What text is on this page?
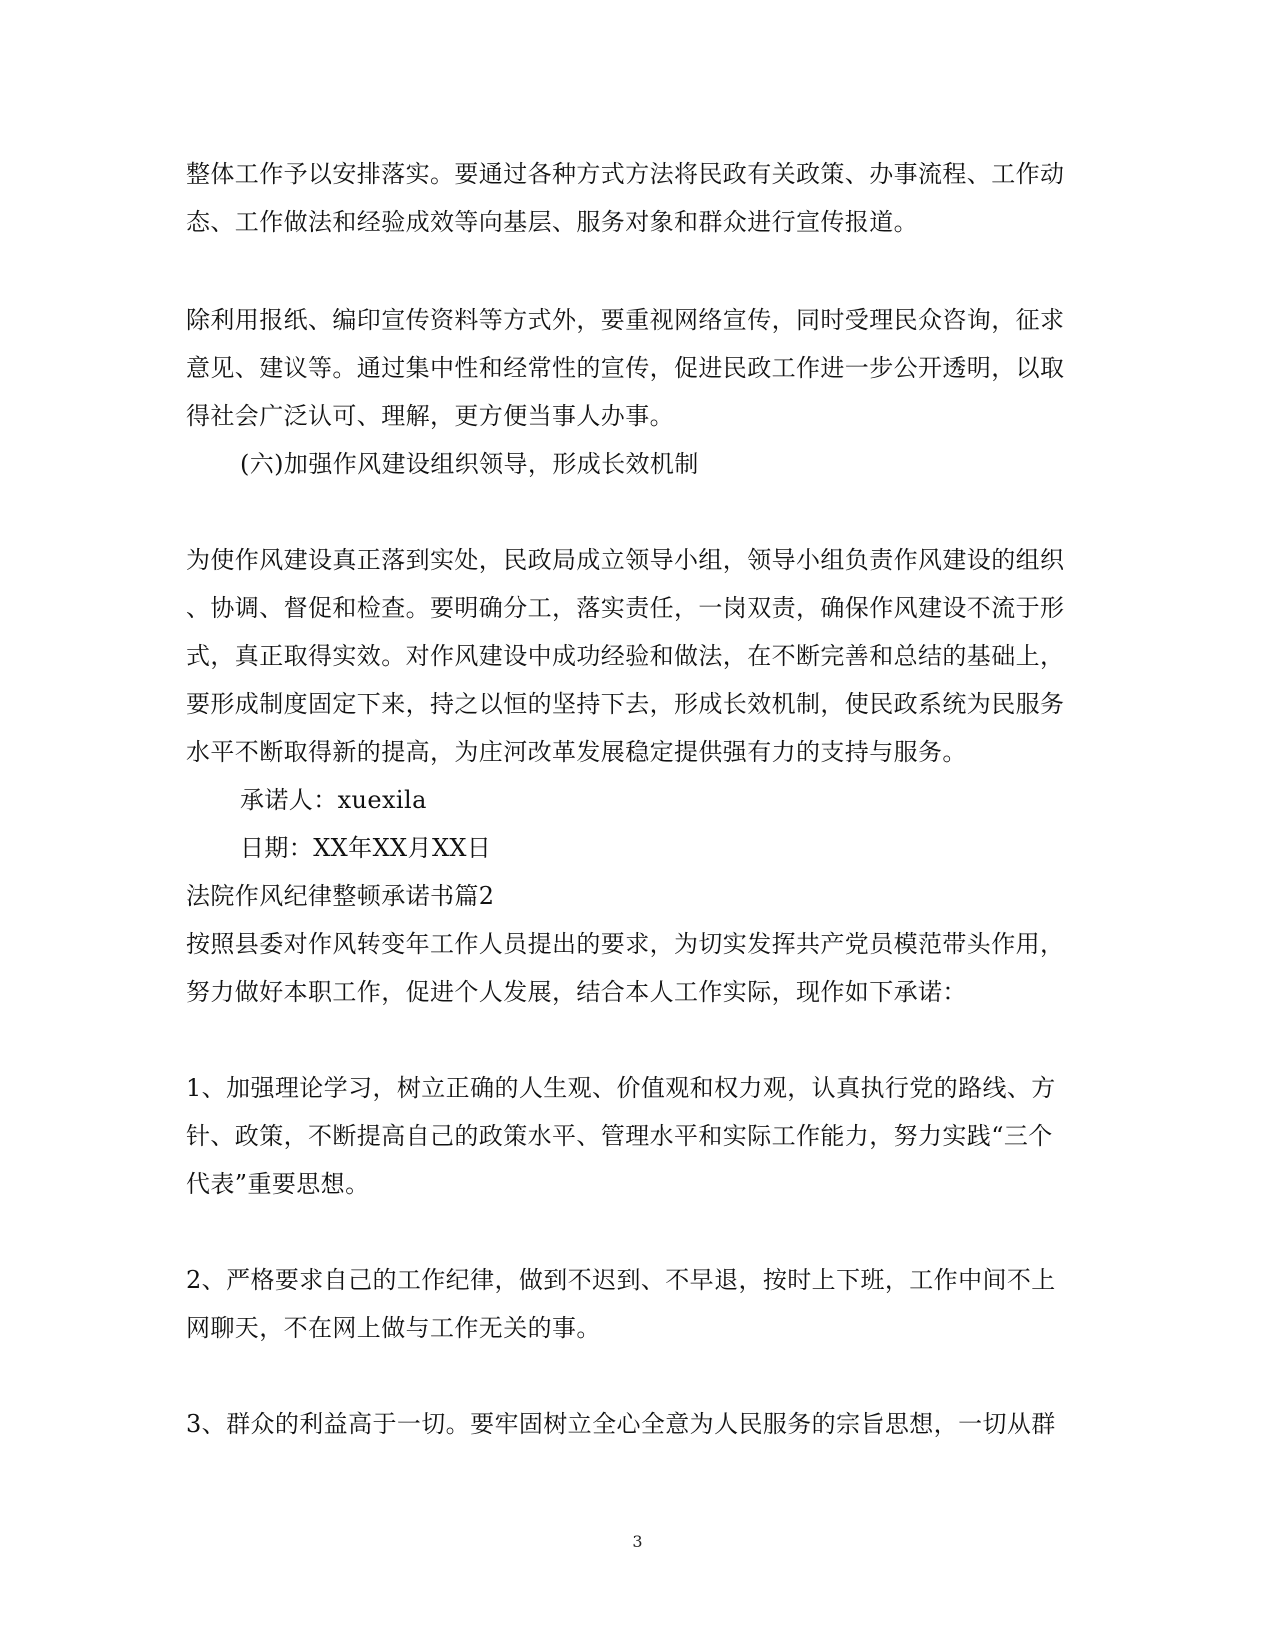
整体工作予以安排落实。要通过各种方式方法将民政有关政策、办事流程、工作动
态、工作做法和经验成效等向基层、服务对象和群众进行宣传报道。
除利用报纸、编印宣传资料等方式外，要重视网络宣传，同时受理民众咨询，征求
意见、建议等。通过集中性和经常性的宣传，促进民政工作进一步公开透明，以取
得社会广泛认可、理解，更方便当事人办事。
(六)加强作风建设组织领导，形成长效机制
为使作风建设真正落到实处，民政局成立领导小组，领导小组负责作风建设的组织
、协调、督促和检查。要明确分工，落实责任，一岗双责，确保作风建设不流于形
式，真正取得实效。对作风建设中成功经验和做法，在不断完善和总结的基础上，
要形成制度固定下来，持之以恒的坚持下去，形成长效机制，使民政系统为民服务
水平不断取得新的提高，为庄河改革发展稳定提供强有力的支持与服务。
承诺人：xuexila
日期：XX年XX月XX日
法院作风纪律整顿承诺书篇2
按照县委对作风转变年工作人员提出的要求，为切实发挥共产党员模范带头作用，
努力做好本职工作，促进个人发展，结合本人工作实际，现作如下承诺：
1、加强理论学习，树立正确的人生观、价值观和权力观，认真执行党的路线、方
针、政策，不断提高自己的政策水平、管理水平和实际工作能力，努力实践“三个
代表”重要思想。
2、严格要求自己的工作纪律，做到不迟到、不早退，按时上下班，工作中间不上
网聊天，不在网上做与工作无关的事。
3、群众的利益高于一切。要牢固树立全心全意为人民服务的宗旨思想，一切从群
3
